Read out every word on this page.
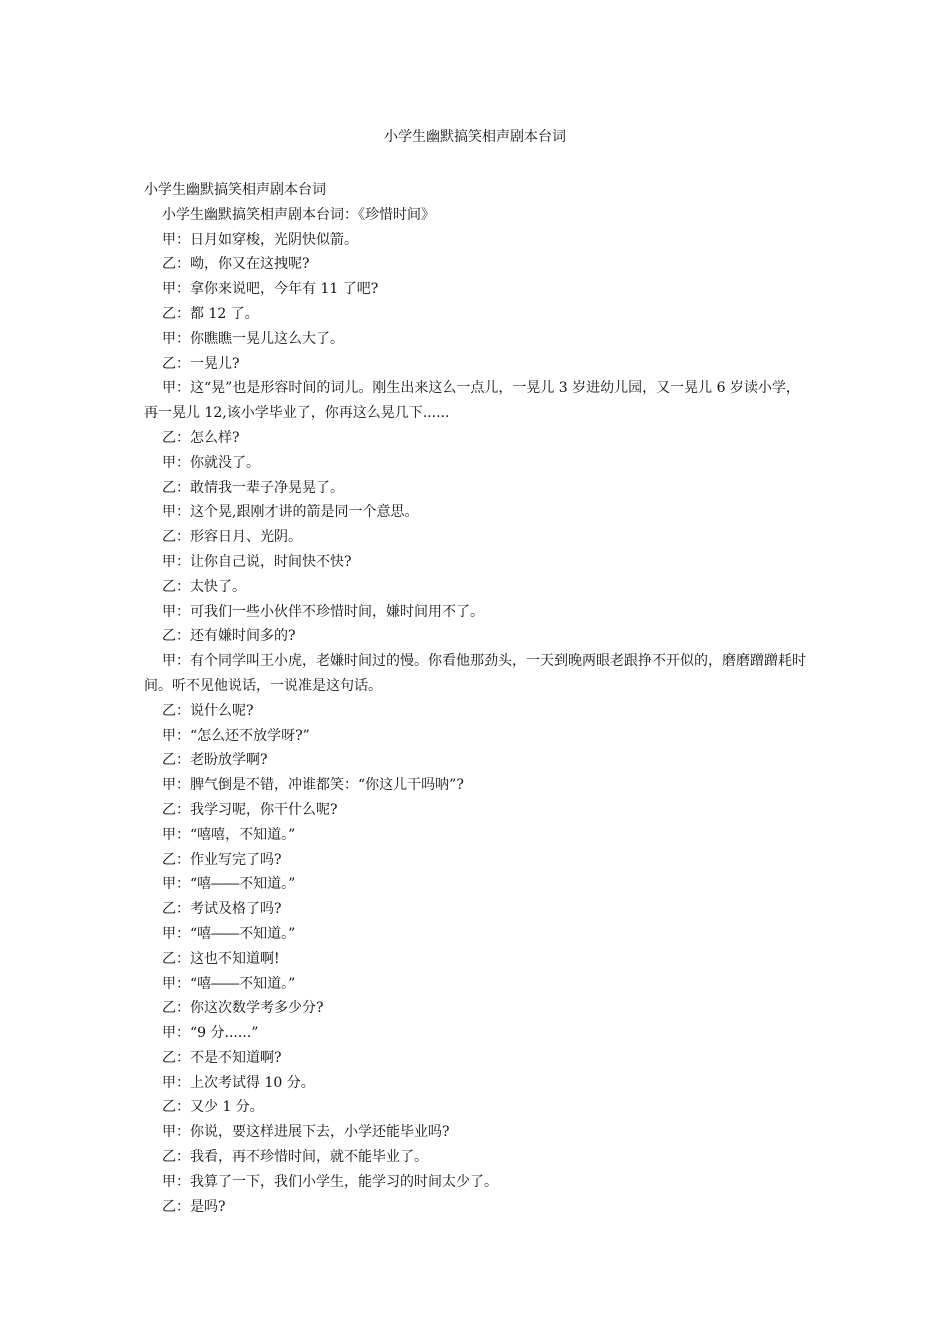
小学生幽默搞笑相声剧本台词

小学生幽默搞笑相声剧本台词

小学生幽默搞笑相声剧本台词：《珍惜时间》

甲：日月如穿梭，光阴快似箭。

乙：呦，你又在这拽呢?

甲：拿你来说吧，今年有 11 了吧?

乙：都 12 了。

甲：你瞧瞧一晃儿这么大了。

乙：一晃儿?

甲：这“晃”也是形容时间的词儿。刚生出来这么一点儿，一晃儿 3 岁进幼儿园，又一晃儿 6 岁读小学，再一晃儿 12,该小学毕业了，你再这么晃几下......

乙：怎么样?

甲：你就没了。

乙：敢情我一辈子净晃晃了。

甲：这个晃,跟刚才讲的箭是同一个意思。

乙：形容日月、光阴。

甲：让你自己说，时间快不快?

乙：太快了。

甲：可我们一些小伙伴不珍惜时间，嫌时间用不了。

乙：还有嫌时间多的?

甲：有个同学叫王小虎，老嫌时间过的慢。你看他那劲头，一天到晚两眼老跟挣不开似的，磨磨蹭蹭耗时间。听不见他说话，一说准是这句话。

乙：说什么呢?

甲：“怎么还不放学呀?”

乙：老盼放学啊?

甲：脾气倒是不错，冲谁都笑：“你这儿干吗呐”?

乙：我学习呢，你干什么呢?

甲：“嘻嘻，不知道。”

乙：作业写完了吗?

甲：“嘻――不知道。”

乙：考试及格了吗?

甲：“嘻――不知道。”

乙：这也不知道啊!

甲：“嘻――不知道。”

乙：你这次数学考多少分?

甲：“9 分......”

乙：不是不知道啊?

甲：上次考试得 10 分。

乙：又少 1 分。

甲：你说，要这样进展下去，小学还能毕业吗?

乙：我看，再不珍惜时间，就不能毕业了。

甲：我算了一下，我们小学生，能学习的时间太少了。

乙：是吗?
